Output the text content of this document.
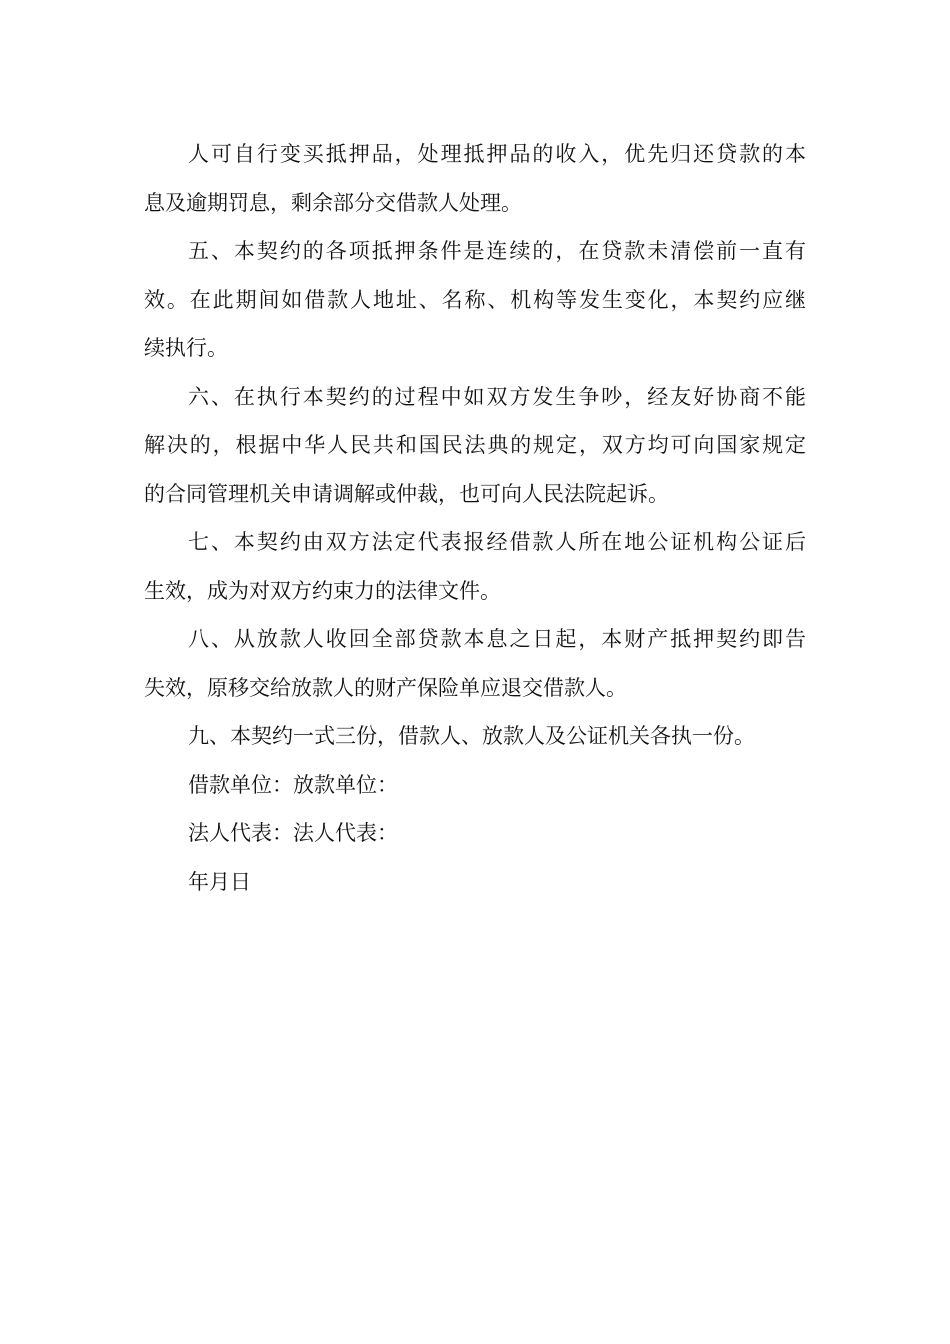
人可自行变买抵押品，处理抵押品的收入，优先归还贷款的本
息及逾期罚息，剩余部分交借款人处理。

五、本契约的各项抵押条件是连续的，在贷款未清偿前一直有
效。在此期间如借款人地址、名称、机构等发生变化，本契约应继
续执行。

六、在执行本契约的过程中如双方发生争吵，经友好协商不能
解决的，根据中华人民共和国民法典的规定，双方均可向国家规定
的合同管理机关申请调解或仲裁，也可向人民法院起诉。

七、本契约由双方法定代表报经借款人所在地公证机构公证后
生效，成为对双方约束力的法律文件。

八、从放款人收回全部贷款本息之日起，本财产抵押契约即告
失效，原移交给放款人的财产保险单应退交借款人。

九、本契约一式三份，借款人、放款人及公证机关各执一份。

借款单位：放款单位：

法人代表：法人代表：

年月日
